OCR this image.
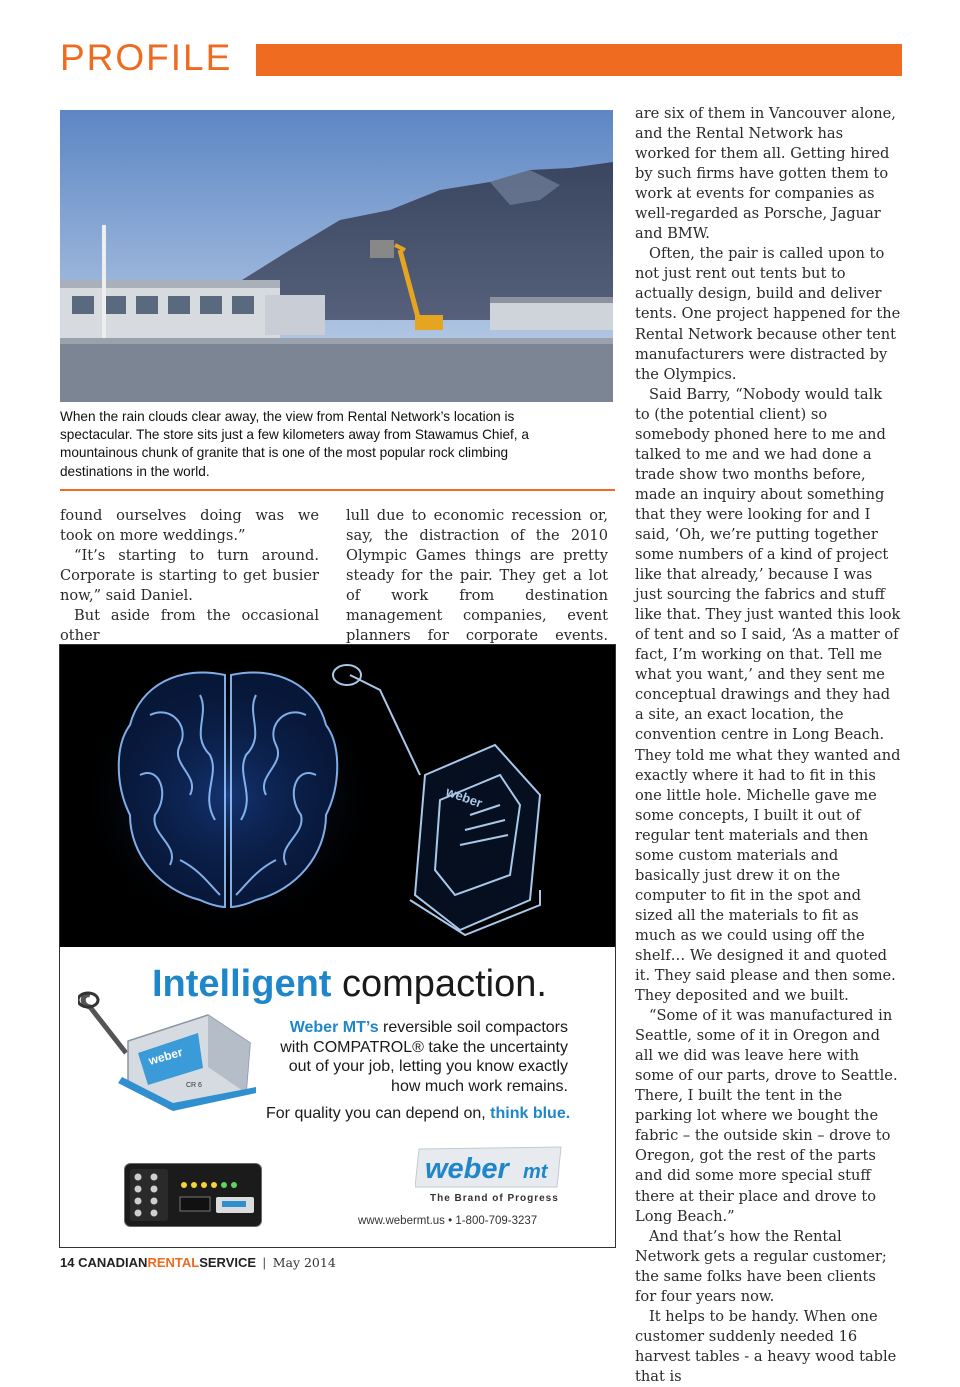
PROFILE
When the rain clouds clear away, the view from Rental Network’s location is spectacular. The store sits just a few kilometers away from Stawamus Chief, a mountainous chunk of granite that is one of the most popular rock climbing destinations in the world.

found ourselves doing was we took on more weddings.”

“It’s starting to turn around. Corporate is starting to get busier now,” said Daniel.

But aside from the occasional other

lull due to economic recession or, say, the distraction of the 2010 Olympic Games things are pretty steady for the pair. They get a lot of work from destination management companies, event planners for corporate events.

are six of them in Vancouver alone, and the Rental Network has worked for them all. Getting hired by such firms have gotten them to work at events for companies as well-regarded as Porsche, Jaguar and BMW.

Often, the pair is called upon to not just rent out tents but to actually design, build and deliver tents. One project happened for the Rental Network because other tent manufacturers were distracted by the Olympics.

Said Barry, “Nobody would talk to (the potential client) so somebody phoned here to me and talked to me and we had done a trade show two months before, made an inquiry about something that they were looking for and I said, ‘Oh, we’re putting together some numbers of a kind of project like that already,’ because I was just sourcing the fabrics and stuff like that. They just wanted this look of tent and so I said, ‘As a matter of fact, I’m working on that. Tell me what you want,’ and they sent me conceptual drawings and they had a site, an exact location, the convention centre in Long Beach. They told me what they wanted and exactly where it had to fit in this one little hole. Michelle gave me some concepts, I built it out of regular tent materials and then some custom materials and basically just drew it on the computer to fit in the spot and sized all the materials to fit as much as we could using off the shelf… We designed it and quoted it. They said please and then some. They deposited and we built.

“Some of it was manufactured in Seattle, some of it in Oregon and all we did was leave here with some of our parts, drove to Seattle. There, I built the tent in the parking lot where we bought the fabric – the outside skin – drove to Oregon, got the rest of the parts and did some more special stuff there at their place and drove to Long Beach.”

And that’s how the Rental Network gets a regular customer; the same folks have been clients for four years now.

It helps to be handy. When one customer suddenly needed 16 harvest tables - a heavy wood table that is

weber
Intelligent compaction.
Weber MT’s reversible soil compactors
with COMPATROL® take the uncertainty
out of your job, letting you know exactly
how much work remains.
For quality you can depend on, think blue.
weber
CR 6
weber mt
The Brand of Progress
www.webermt.us • 1-800-709-3237
14 CANADIANRENTALSERVICE | May 2014
